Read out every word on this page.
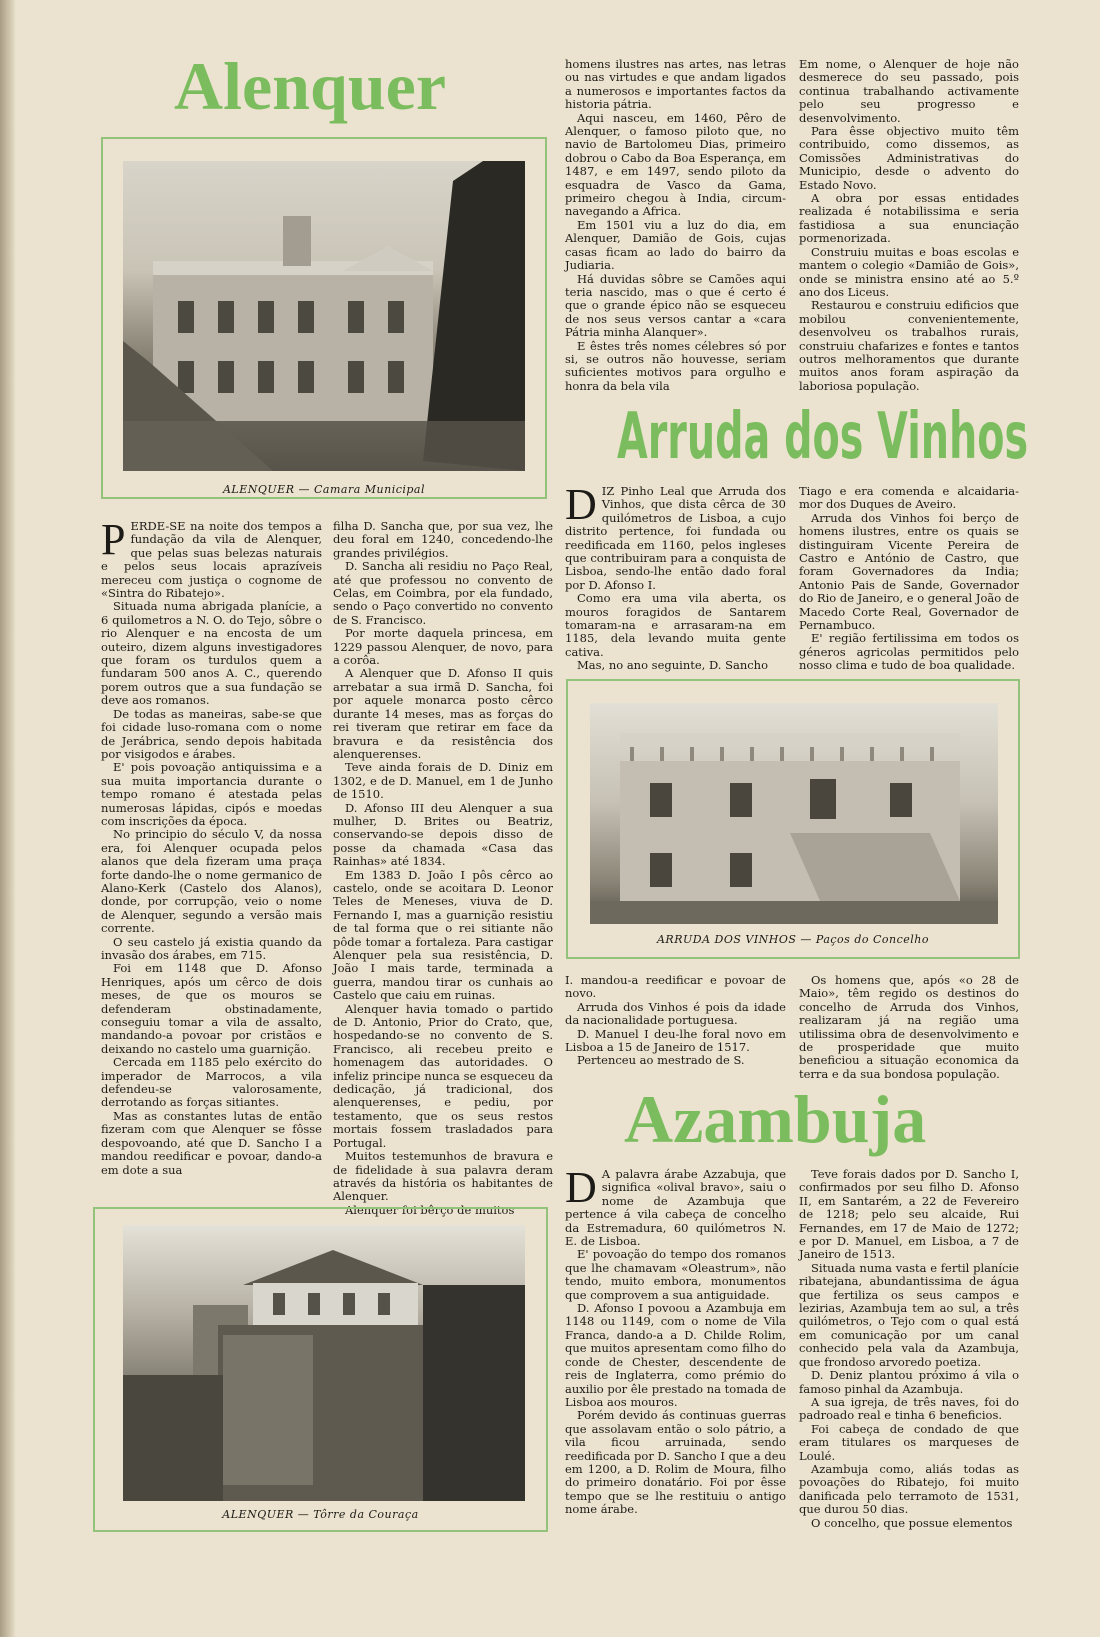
Alenquer
ALENQUER — Camara Municipal

PERDE-SE na noite dos tempos a fundação da vila de Alenquer, que pelas suas belezas naturais e pelos seus locais aprazíveis mereceu com justiça o cognome de «Sintra do Ribatejo».

Situada numa abrigada planície, a 6 quilometros a N. O. do Tejo, sôbre o rio Alenquer e na encosta de um outeiro, dizem alguns investigadores que foram os turdulos quem a fundaram 500 anos A. C., querendo porem outros que a sua fundação se deve aos romanos.

De todas as maneiras, sabe-se que foi cidade luso-romana com o nome de Jerábrica, sendo depois habitada por visigodos e árabes.

E' pois povoação antiquissima e a sua muita importancia durante o tempo romano é atestada pelas numerosas lápidas, cipós e moedas com inscrições da época.

No principio do século V, da nossa era, foi Alenquer ocupada pelos alanos que dela fizeram uma praça forte dando-lhe o nome germanico de Alano-Kerk (Castelo dos Alanos), donde, por corrupção, veio o nome de Alenquer, segundo a versão mais corrente.

O seu castelo já existia quando da invasão dos árabes, em 715.

Foi em 1148 que D. Afonso Henriques, após um cêrco de dois meses, de que os mouros se defenderam obstinadamente, conseguiu tomar a vila de assalto, mandando-a povoar por cristãos e deixando no castelo uma guarnição.

Cercada em 1185 pelo exército do imperador de Marrocos, a vila defendeu-se valorosamente, derrotando as forças sitiantes.

Mas as constantes lutas de então fizeram com que Alenquer se fôsse despovoando, até que D. Sancho I a mandou reedificar e povoar, dando-a em dote a sua

filha D. Sancha que, por sua vez, lhe deu foral em 1240, concedendo-lhe grandes privilégios.

D. Sancha ali residiu no Paço Real, até que professou no convento de Celas, em Coimbra, por ela fundado, sendo o Paço convertido no convento de S. Francisco.

Por morte daquela princesa, em 1229 passou Alenquer, de novo, para a corôa.

A Alenquer que D. Afonso II quis arrebatar a sua irmã D. Sancha, foi por aquele monarca posto cêrco durante 14 meses, mas as forças do rei tiveram que retirar em face da bravura e da resistência dos alenquerenses.

Teve ainda forais de D. Diniz em 1302, e de D. Manuel, em 1 de Junho de 1510.

D. Afonso III deu Alenquer a sua mulher, D. Brites ou Beatriz, conservando-se depois disso de posse da chamada «Casa das Rainhas» até 1834.

Em 1383 D. João I pôs cêrco ao castelo, onde se acoitara D. Leonor Teles de Meneses, viuva de D. Fernando I, mas a guarnição resistiu de tal forma que o rei sitiante não pôde tomar a fortaleza. Para castigar Alenquer pela sua resistência, D. João I mais tarde, terminada a guerra, mandou tirar os cunhais ao Castelo que caiu em ruinas.

Alenquer havia tomado o partido de D. Antonio, Prior do Crato, que, hospedando-se no convento de S. Francisco, ali recebeu preito e homenagem das autoridades. O infeliz principe nunca se esqueceu da dedicação, já tradicional, dos alenquerenses, e pediu, por testamento, que os seus restos mortais fossem trasladados para Portugal.

Muitos testemunhos de bravura e de fidelidade à sua palavra deram através da história os habitantes de Alenquer.

Alenquer foi bêrço de muitos

homens ilustres nas artes, nas letras ou nas virtudes e que andam ligados a numerosos e importantes factos da historia pátria.

Aqui nasceu, em 1460, Pêro de Alenquer, o famoso piloto que, no navio de Bartolomeu Dias, primeiro dobrou o Cabo da Boa Esperança, em 1487, e em 1497, sendo piloto da esquadra de Vasco da Gama, primeiro chegou à India, circum-navegando a Africa.

Em 1501 viu a luz do dia, em Alenquer, Damião de Gois, cujas casas ficam ao lado do bairro da Judiaria.

Há duvidas sôbre se Camões aqui teria nascido, mas o que é certo é que o grande épico não se esqueceu de nos seus versos cantar a «cara Pátria minha Alanquer».

E êstes três nomes célebres só por si, se outros não houvesse, seriam suficientes motivos para orgulho e honra da bela vila

Em nome, o Alenquer de hoje não desmerece do seu passado, pois continua trabalhando activamente pelo seu progresso e desenvolvimento.

Para êsse objectivo muito têm contribuido, como dissemos, as Comissões Administrativas do Municipio, desde o advento do Estado Novo.

A obra por essas entidades realizada é notabilissima e seria fastidiosa a sua enunciação pormenorizada.

Construiu muitas e boas escolas e mantem o colegio «Damião de Gois», onde se ministra ensino até ao 5.º ano dos Liceus.

Restaurou e construiu edificios que mobilou convenientemente, desenvolveu os trabalhos rurais, construiu chafarizes e fontes e tantos outros melhoramentos que durante muitos anos foram aspiração da laboriosa população.

ALENQUER — Tôrre da Couraça
Arruda dos Vinhos

DIZ Pinho Leal que Arruda dos Vinhos, que dista cêrca de 30 quilómetros de Lisboa, a cujo distrito pertence, foi fundada ou reedificada em 1160, pelos ingleses que contribuiram para a conquista de Lisboa, sendo-lhe então dado foral por D. Afonso I.

Como era uma vila aberta, os mouros foragidos de Santarem tomaram-na e arrasaram-na em 1185, dela levando muita gente cativa.

Mas, no ano seguinte, D. Sancho

Tiago e era comenda e alcaidaria-mor dos Duques de Aveiro.

Arruda dos Vinhos foi berço de homens ilustres, entre os quais se distinguiram Vicente Pereira de Castro e António de Castro, que foram Governadores da India; Antonio Pais de Sande, Governador do Rio de Janeiro, e o general João de Macedo Corte Real, Governador de Pernambuco.

E' região fertilissima em todos os géneros agricolas permitidos pelo nosso clima e tudo de boa qualidade.

ARRUDA DOS VINHOS — Paços do Concelho

I. mandou-a reedificar e povoar de novo.

Arruda dos Vinhos é pois da idade da nacionalidade portuguesa.

D. Manuel I deu-lhe foral novo em Lisboa a 15 de Janeiro de 1517.

Pertenceu ao mestrado de S.

Os homens que, após «o 28 de Maio», têm regido os destinos do concelho de Arruda dos Vinhos, realizaram já na região uma utilissima obra de desenvolvimento e de prosperidade que muito beneficiou a situação economica da terra e da sua bondosa população.

Azambuja

D A palavra árabe Azzabuja, que significa «olival bravo», saiu o nome de Azambuja que pertence á vila cabeça de concelho da Estremadura, 60 quilómetros N. E. de Lisboa.

E' povoação do tempo dos romanos que lhe chamavam «Oleastrum», não tendo, muito embora, monumentos que comprovem a sua antiguidade.

D. Afonso I povoou a Azambuja em 1148 ou 1149, com o nome de Vila Franca, dando-a a D. Childe Rolim, que muitos apresentam como filho do conde de Chester, descendente de reis de Inglaterra, como prémio do auxilio por êle prestado na tomada de Lisboa aos mouros.

Porém devido ás continuas guerras que assolavam então o solo pátrio, a vila ficou arruinada, sendo reedificada por D. Sancho I que a deu em 1200, a D. Rolim de Moura, filho do primeiro donatário. Foi por êsse tempo que se lhe restituiu o antigo nome árabe.

Teve forais dados por D. Sancho I, confirmados por seu filho D. Afonso II, em Santarém, a 22 de Fevereiro de 1218; pelo seu alcaide, Rui Fernandes, em 17 de Maio de 1272; e por D. Manuel, em Lisboa, a 7 de Janeiro de 1513.

Situada numa vasta e fertil planície ribatejana, abundantissima de água que fertiliza os seus campos e lezirias, Azambuja tem ao sul, a três quilómetros, o Tejo com o qual está em comunicação por um canal conhecido pela vala da Azambuja, que frondoso arvoredo poetiza.

D. Deniz plantou próximo á vila o famoso pinhal da Azambuja.

A sua igreja, de três naves, foi do padroado real e tinha 6 beneficios.

Foi cabeça de condado de que eram titulares os marqueses de Loulé.

Azambuja como, aliás todas as povoações do Ribatejo, foi muito danificada pelo terramoto de 1531, que durou 50 dias.

O concelho, que possue elementos
